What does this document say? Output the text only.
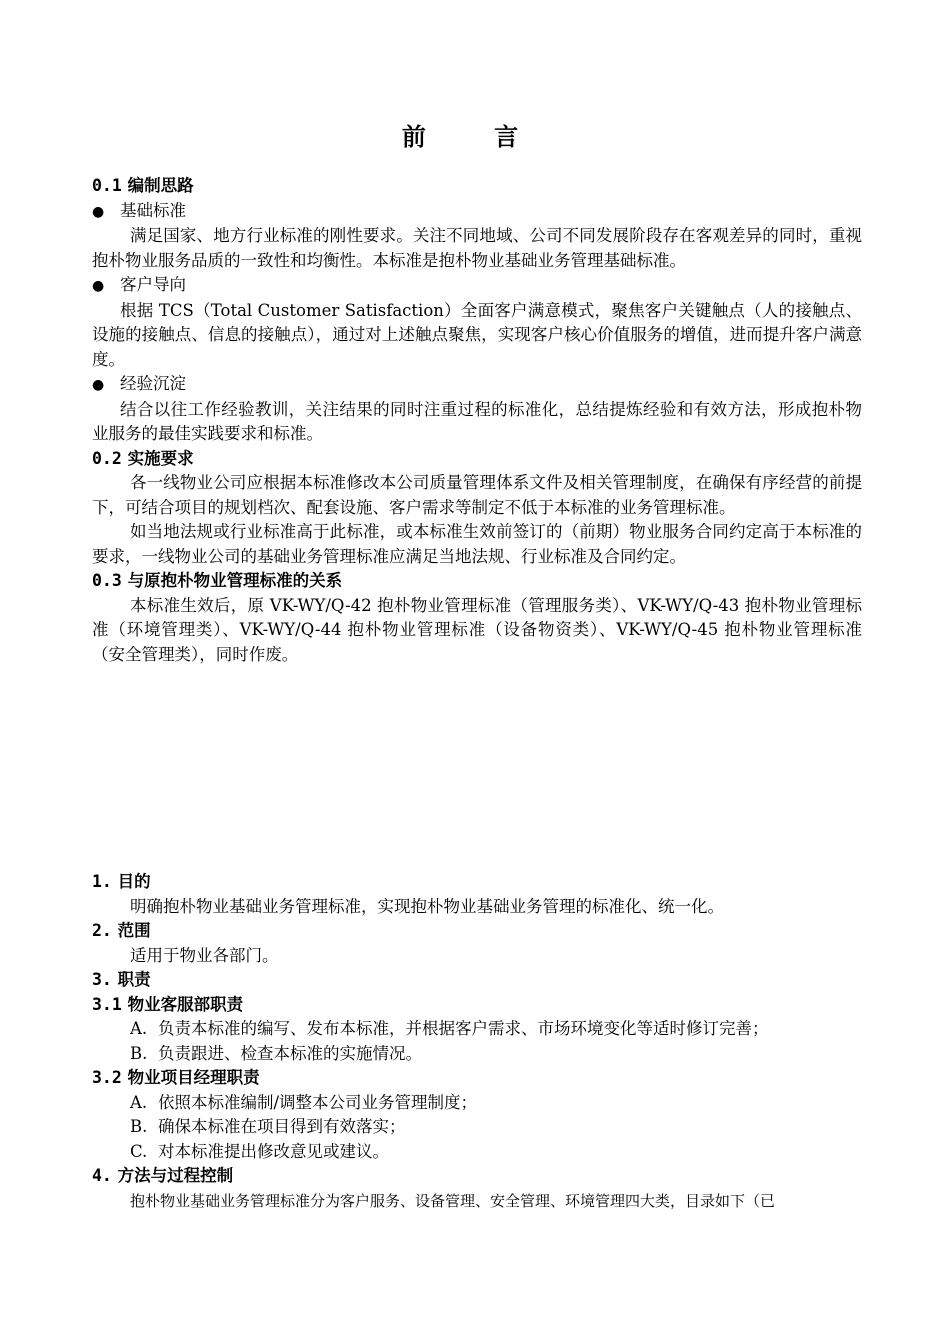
前 言
0.1 编制思路
● 基础标准

满足国家、地方行业标准的刚性要求。关注不同地域、公司不同发展阶段存在客观差异的同时，重视抱朴物业服务品质的一致性和均衡性。本标准是抱朴物业基础业务管理基础标准。

● 客户导向

根据 TCS（Total Customer Satisfaction）全面客户满意模式，聚焦客户关键触点（人的接触点、设施的接触点、信息的接触点），通过对上述触点聚焦，实现客户核心价值服务的增值，进而提升客户满意度。

● 经验沉淀

结合以往工作经验教训，关注结果的同时注重过程的标准化，总结提炼经验和有效方法，形成抱朴物业服务的最佳实践要求和标准。

0.2 实施要求

各一线物业公司应根据本标准修改本公司质量管理体系文件及相关管理制度，在确保有序经营的前提下，可结合项目的规划档次、配套设施、客户需求等制定不低于本标准的业务管理标准。

如当地法规或行业标准高于此标准，或本标准生效前签订的（前期）物业服务合同约定高于本标准的要求，一线物业公司的基础业务管理标准应满足当地法规、行业标准及合同约定。

0.3 与原抱朴物业管理标准的关系

本标准生效后，原 VK-WY/Q-42 抱朴物业管理标准（管理服务类）、VK-WY/Q-43 抱朴物业管理标准（环境管理类）、VK-WY/Q-44 抱朴物业管理标准（设备物资类）、VK-WY/Q-45 抱朴物业管理标准（安全管理类），同时作废。

1. 目的
明确抱朴物业基础业务管理标准，实现抱朴物业基础业务管理的标准化、统一化。
2. 范围
适用于物业各部门。
3. 职责
3.1 物业客服部职责
A. 负责本标准的编写、发布本标准，并根据客户需求、市场环境变化等适时修订完善；
B. 负责跟进、检查本标准的实施情况。
3.2 物业项目经理职责
A. 依照本标准编制/调整本公司业务管理制度；
B. 确保本标准在项目得到有效落实；
C. 对本标准提出修改意见或建议。
4. 方法与过程控制
抱朴物业基础业务管理标准分为客户服务、设备管理、安全管理、环境管理四大类，目录如下（已
